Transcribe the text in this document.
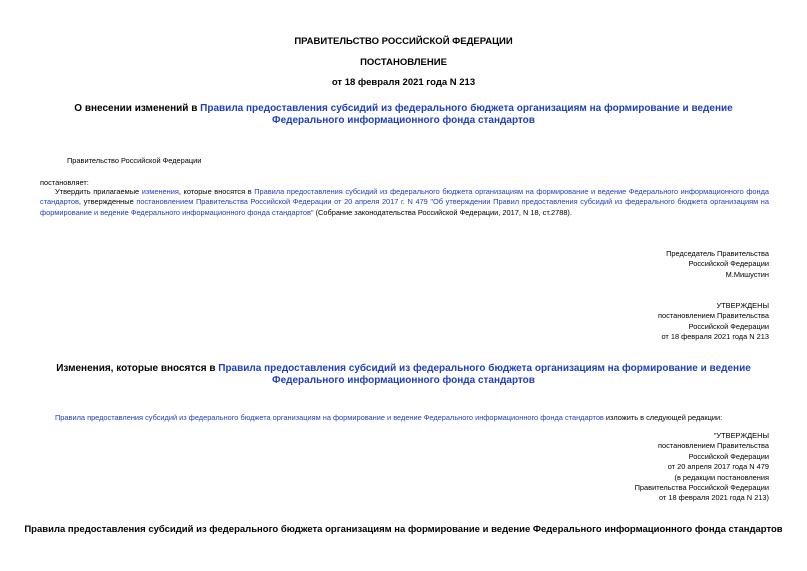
ПРАВИТЕЛЬСТВО РОССИЙСКОЙ ФЕДЕРАЦИИ
ПОСТАНОВЛЕНИЕ
от 18 февраля 2021 года N 213
О внесении изменений в Правила предоставления субсидий из федерального бюджета организациям на формирование и ведение Федерального информационного фонда стандартов
Правительство Российской Федерации
постановляет:
Утвердить прилагаемые изменения, которые вносятся в Правила предоставления субсидий из федерального бюджета организациям на формирование и ведение Федерального информационного фонда стандартов, утвержденные постановлением Правительства Российской Федерации от 20 апреля 2017 г. N 479 "Об утверждении Правил предоставления субсидий из федерального бюджета организациям на формирование и ведение Федерального информационного фонда стандартов" (Собрание законодательства Российской Федерации, 2017, N 18, ст.2788).
Председатель Правительства
Российской Федерации
М.Мишустин
УТВЕРЖДЕНЫ
постановлением Правительства
Российской Федерации
от 18 февраля 2021 года N 213
Изменения, которые вносятся в Правила предоставления субсидий из федерального бюджета организациям на формирование и ведение Федерального информационного фонда стандартов
Правила предоставления субсидий из федерального бюджета организациям на формирование и ведение Федерального информационного фонда стандартов изложить в следующей редакции:
"УТВЕРЖДЕНЫ
постановлением Правительства
Российской Федерации
от 20 апреля 2017 года N 479
(в редакции постановления
Правительства Российской Федерации
от 18 февраля 2021 года N 213)
Правила предоставления субсидий из федерального бюджета организациям на формирование и ведение Федерального информационного фонда стандартов
